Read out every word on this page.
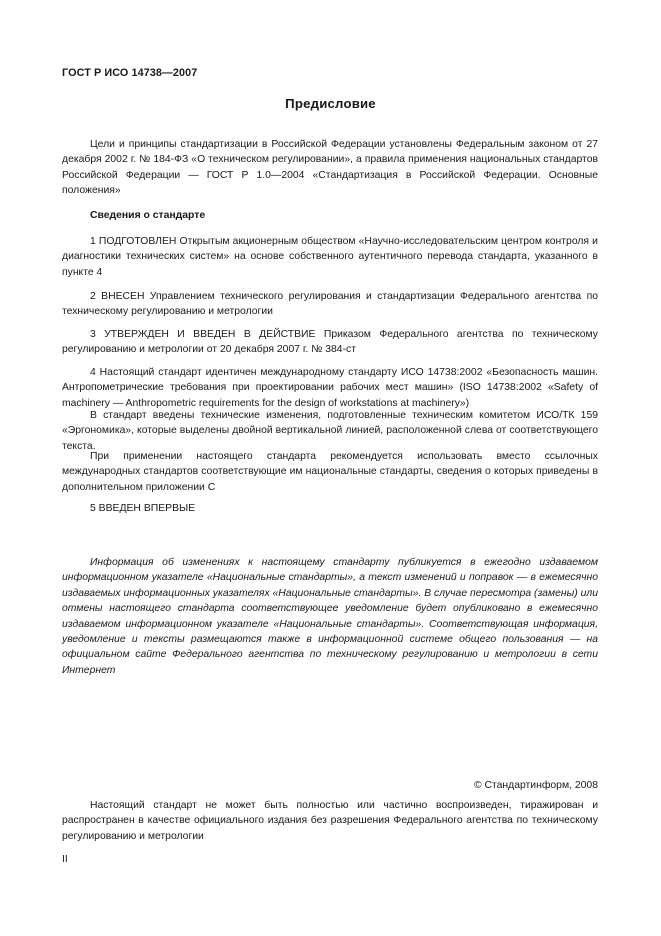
ГОСТ Р ИСО 14738—2007
Предисловие

Цели и принципы стандартизации в Российской Федерации установлены Федеральным законом от 27 декабря 2002 г. № 184-ФЗ «О техническом регулировании», а правила применения национальных стандартов Российской Федерации — ГОСТ Р 1.0—2004 «Стандартизация в Российской Федерации. Основные положения»

Сведения о стандарте

1 ПОДГОТОВЛЕН Открытым акционерным обществом «Научно-исследовательским центром контроля и диагностики технических систем» на основе собственного аутентичного перевода стандарта, указанного в пункте 4

2 ВНЕСЕН Управлением технического регулирования и стандартизации Федерального агентства по техническому регулированию и метрологии

3 УТВЕРЖДЕН И ВВЕДЕН В ДЕЙСТВИЕ Приказом Федерального агентства по техническому регулированию и метрологии от 20 декабря 2007 г. № 384-ст

4 Настоящий стандарт идентичен международному стандарту ИСО 14738:2002 «Безопасность машин. Антропометрические требования при проектировании рабочих мест машин» (ISO 14738:2002 «Safety of machinery — Anthropometric requirements for the design of workstations at machinery»)

В стандарт введены технические изменения, подготовленные техническим комитетом ИСО/ТК 159 «Эргономика», которые выделены двойной вертикальной линией, расположенной слева от соответствующего текста.

При применении настоящего стандарта рекомендуется использовать вместо ссылочных международных стандартов соответствующие им национальные стандарты, сведения о которых приведены в дополнительном приложении С

5 ВВЕДЕН ВПЕРВЫЕ

Информация об изменениях к настоящему стандарту публикуется в ежегодно издаваемом информационном указателе «Национальные стандарты», а текст изменений и поправок — в ежемесячно издаваемых информационных указателях «Национальные стандарты». В случае пересмотра (замены) или отмены настоящего стандарта соответствующее уведомление будет опубликовано в ежемесячно издаваемом информационном указателе «Национальные стандарты». Соответствующая информация, уведомление и тексты размещаются также в информационной системе общего пользования — на официальном сайте Федерального агентства по техническому регулированию и метрологии в сети Интернет

© Стандартинформ, 2008

Настоящий стандарт не может быть полностью или частично воспроизведен, тиражирован и распространен в качестве официального издания без разрешения Федерального агентства по техническому регулированию и метрологии

II
